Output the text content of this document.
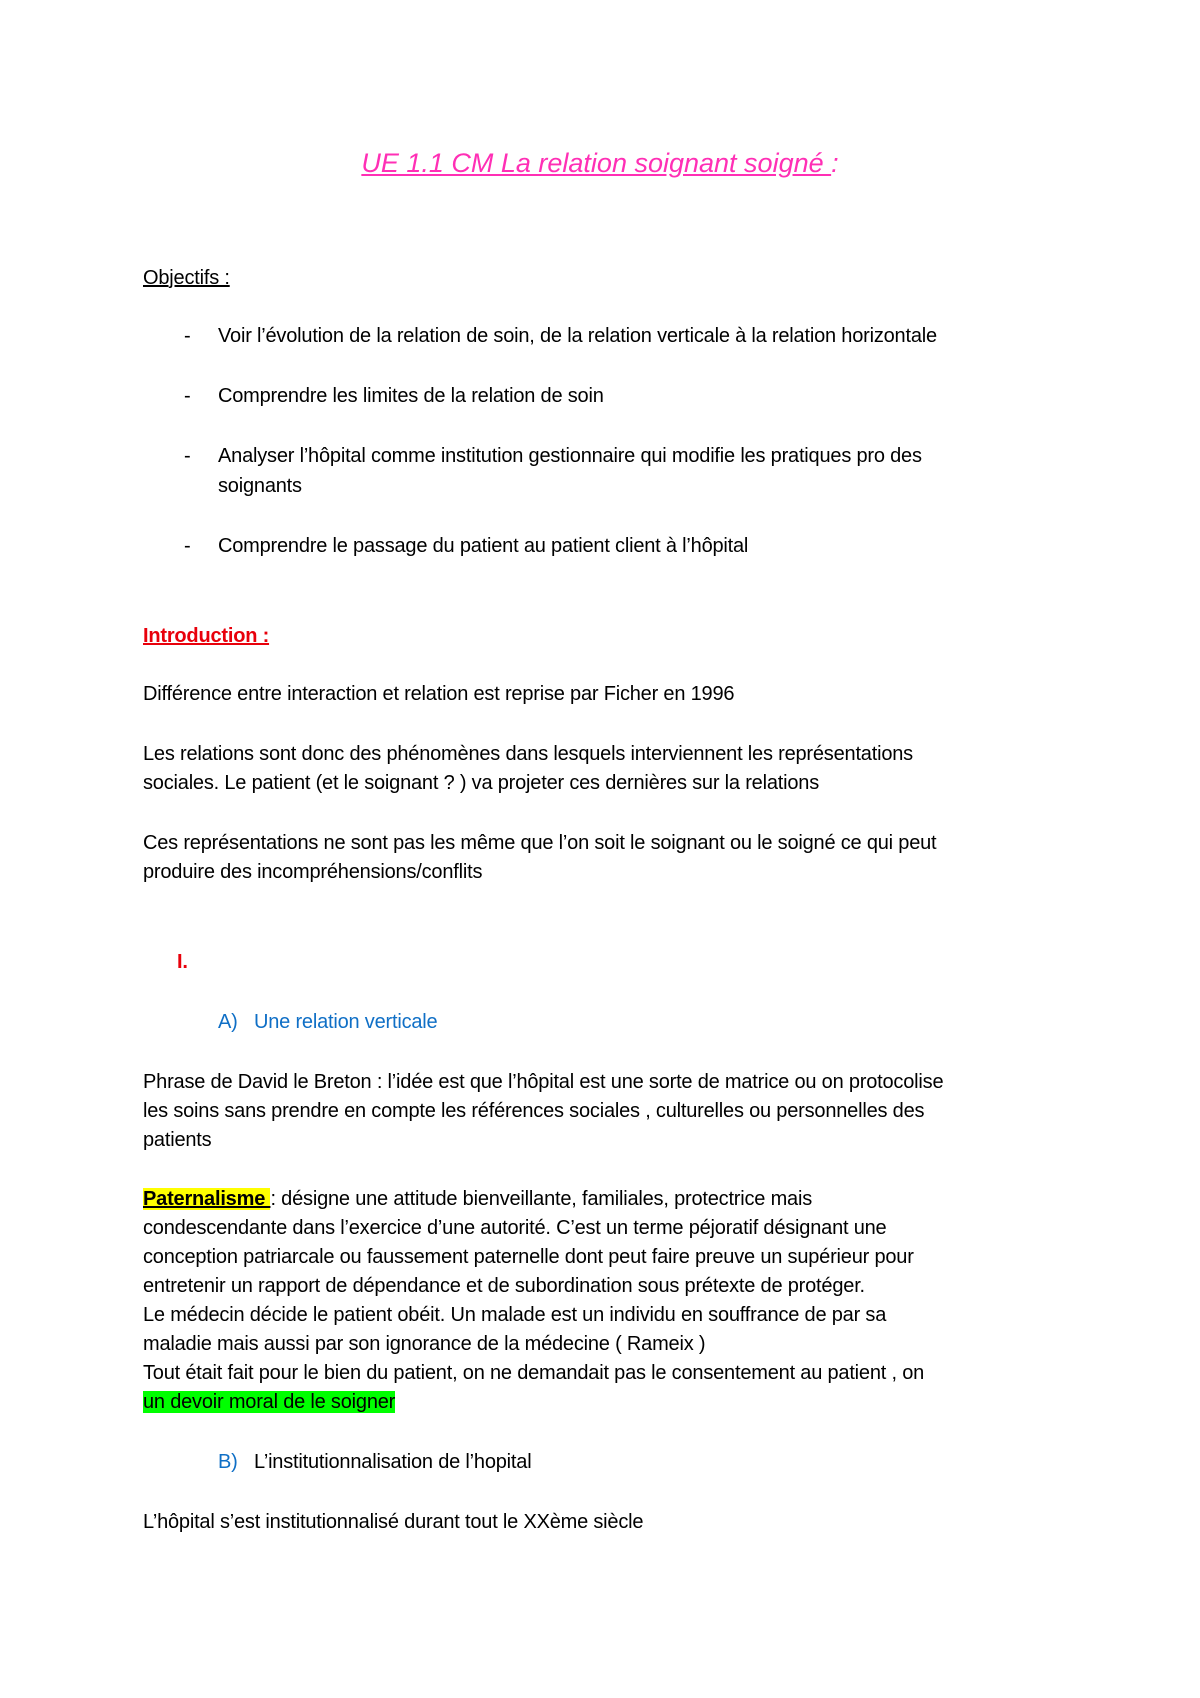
UE 1.1 CM La relation soignant soigné :
Objectifs :
- Voir l’évolution de la relation de soin, de la relation verticale à la relation horizontale
- Comprendre les limites de la relation de soin
- Analyser l’hôpital comme institution gestionnaire qui modifie les pratiques pro des
soignants
- Comprendre le passage du patient au patient client à l’hôpital
Introduction :
Différence entre interaction et relation est reprise par Ficher en 1996
Les relations sont donc des phénomènes dans lesquels interviennent les représentations
sociales. Le patient (et le soignant ? ) va projeter ces dernières sur la relations
Ces représentations ne sont pas les même que l’on soit le soignant ou le soigné ce qui peut
produire des incompréhensions/conflits
I.
A) Une relation verticale
Phrase de David le Breton : l’idée est que l’hôpital est une sorte de matrice ou on protocolise
les soins sans prendre en compte les références sociales , culturelles ou personnelles des
patients
Paternalisme : désigne une attitude bienveillante, familiales, protectrice mais
condescendante dans l’exercice d’une autorité. C’est un terme péjoratif désignant une
conception patriarcale ou faussement paternelle dont peut faire preuve un supérieur pour
entretenir un rapport de dépendance et de subordination sous prétexte de protéger.
Le médecin décide le patient obéit. Un malade est un individu en souffrance de par sa
maladie mais aussi par son ignorance de la médecine ( Rameix )
Tout était fait pour le bien du patient, on ne demandait pas le consentement au patient , on
un devoir moral de le soigner
B) L’institutionnalisation de l’hopital
L’hôpital s’est institutionnalisé durant tout le XXème siècle
